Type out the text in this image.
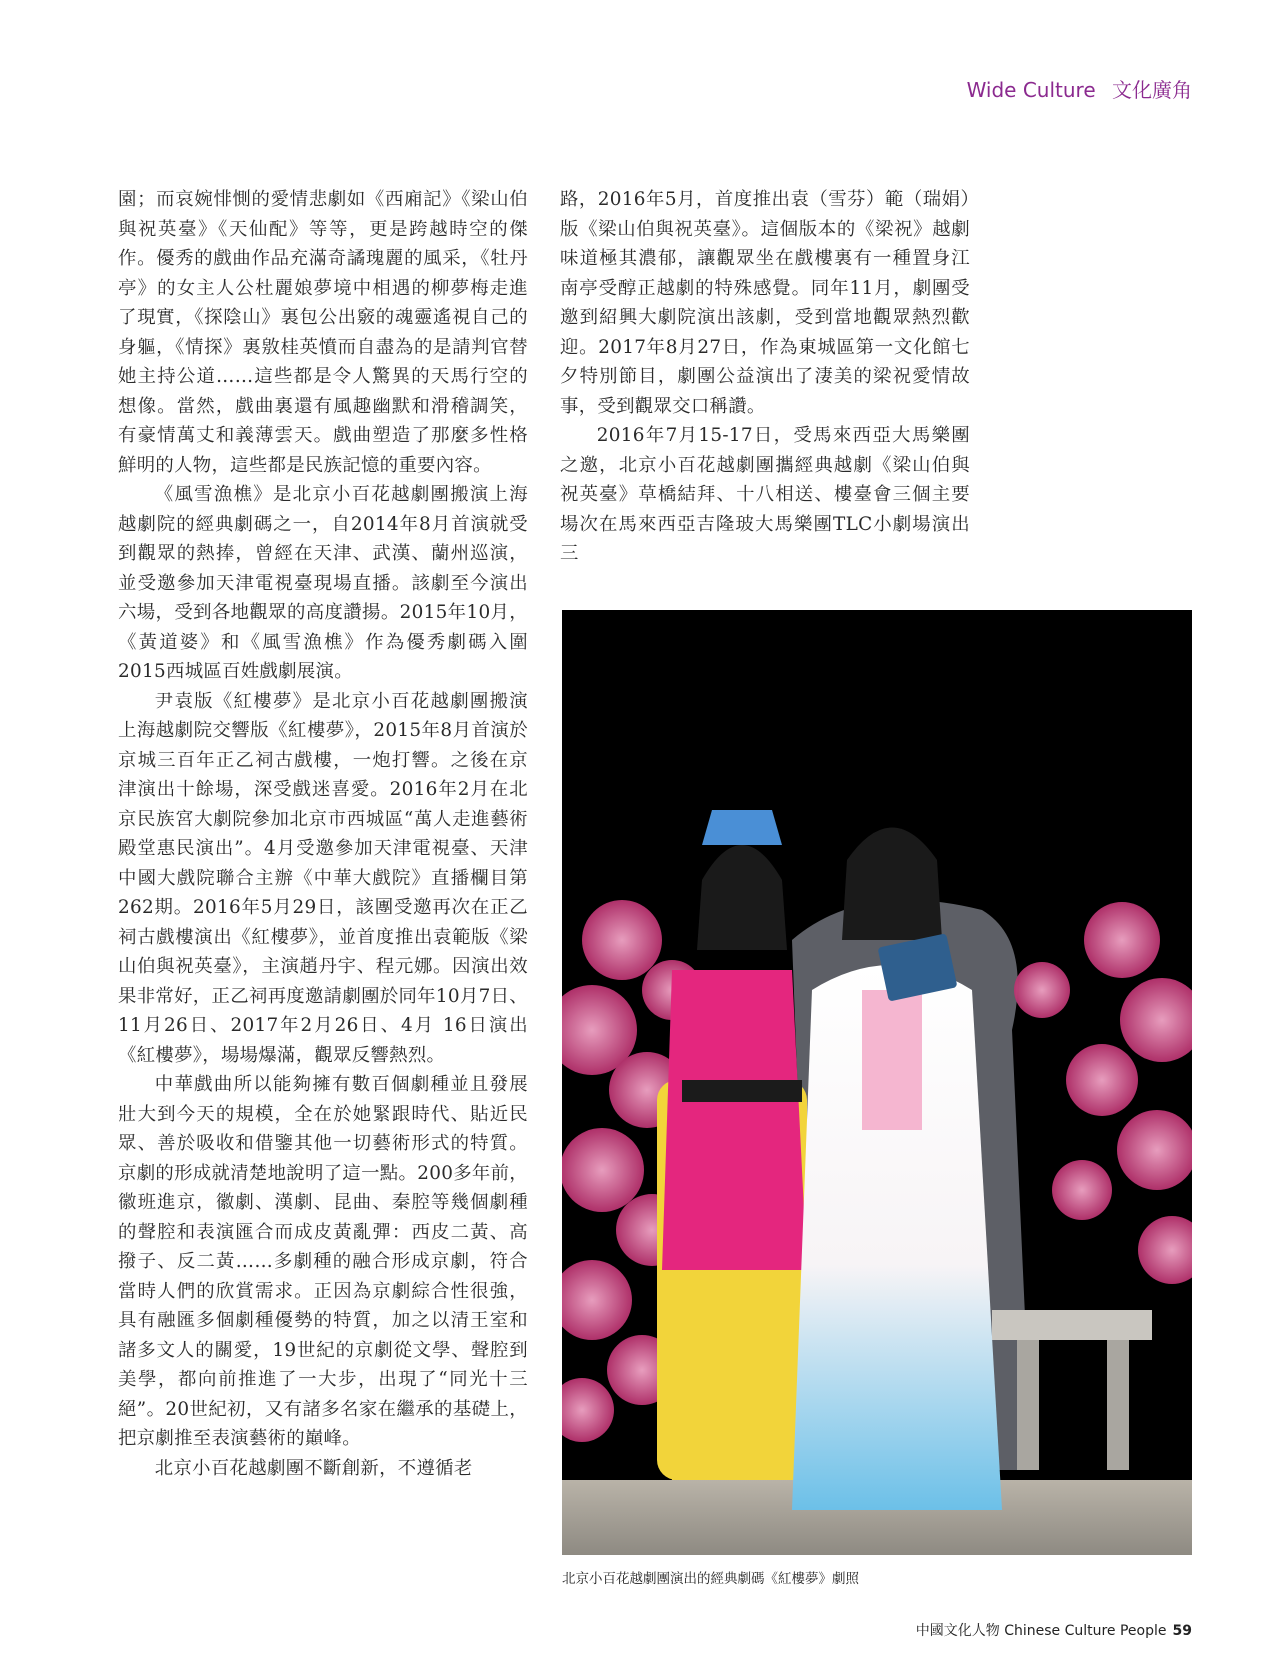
Wide Culture 文化廣角

園；而哀婉悱惻的愛情悲劇如《西廂記》《梁山伯與祝英臺》《天仙配》等等，更是跨越時空的傑作。優秀的戲曲作品充滿奇譎瑰麗的風采，《牡丹亭》的女主人公杜麗娘夢境中相遇的柳夢梅走進了現實，《探陰山》裏包公出竅的魂靈遙視自己的身軀，《情探》裏敫桂英憤而自盡為的是請判官替她主持公道……這些都是令人驚異的天馬行空的想像。當然，戲曲裏還有風趣幽默和滑稽調笑，有豪情萬丈和義薄雲天。戲曲塑造了那麼多性格鮮明的人物，這些都是民族記憶的重要內容。

《風雪漁樵》是北京小百花越劇團搬演上海越劇院的經典劇碼之一，自2014年8月首演就受到觀眾的熱捧，曾經在天津、武漢、蘭州巡演，並受邀參加天津電視臺現場直播。該劇至今演出六場，受到各地觀眾的高度讚揚。2015年10月，《黃道婆》和《風雪漁樵》作為優秀劇碼入圍2015西城區百姓戲劇展演。

尹袁版《紅樓夢》是北京小百花越劇團搬演上海越劇院交響版《紅樓夢》，2015年8月首演於京城三百年正乙祠古戲樓，一炮打響。之後在京津演出十餘場，深受戲迷喜愛。2016年2月在北京民族宮大劇院參加北京市西城區“萬人走進藝術殿堂惠民演出”。4月受邀參加天津電視臺、天津中國大戲院聯合主辦《中華大戲院》直播欄目第262期。2016年5月29日，該團受邀再次在正乙祠古戲樓演出《紅樓夢》，並首度推出袁範版《梁山伯與祝英臺》，主演趙丹宇、程元娜。因演出效果非常好，正乙祠再度邀請劇團於同年10月7日、11月26日、2017年2月26日、4月 16日演出《紅樓夢》，場場爆滿，觀眾反響熱烈。

中華戲曲所以能夠擁有數百個劇種並且發展壯大到今天的規模，全在於她緊跟時代、貼近民眾、善於吸收和借鑒其他一切藝術形式的特質。京劇的形成就清楚地說明了這一點。200多年前，徽班進京，徽劇、漢劇、昆曲、秦腔等幾個劇種的聲腔和表演匯合而成皮黃亂彈：西皮二黃、高撥子、反二黃……多劇種的融合形成京劇，符合當時人們的欣賞需求。正因為京劇綜合性很強，具有融匯多個劇種優勢的特質，加之以清王室和諸多文人的關愛，19世紀的京劇從文學、聲腔到美學，都向前推進了一大步，出現了“同光十三絕”。20世紀初，又有諸多名家在繼承的基礎上，把京劇推至表演藝術的巔峰。

北京小百花越劇團不斷創新，不遵循老

路，2016年5月，首度推出袁（雪芬）範（瑞娟）版《梁山伯與祝英臺》。這個版本的《梁祝》越劇味道極其濃郁，讓觀眾坐在戲樓裏有一種置身江南亭受醇正越劇的特殊感覺。同年11月，劇團受邀到紹興大劇院演出該劇，受到當地觀眾熱烈歡迎。2017年8月27日，作為東城區第一文化館七夕特別節目，劇團公益演出了淒美的梁祝愛情故事，受到觀眾交口稱讚。

2016年7月15-17日，受馬來西亞大馬樂團之邀，北京小百花越劇團攜經典越劇《梁山伯與祝英臺》草橋結拜、十八相送、樓臺會三個主要場次在馬來西亞吉隆玻大馬樂團TLC小劇場演出三

北京小百花越劇團演出的經典劇碼《紅樓夢》劇照
中國文化人物 Chinese Culture People 59
